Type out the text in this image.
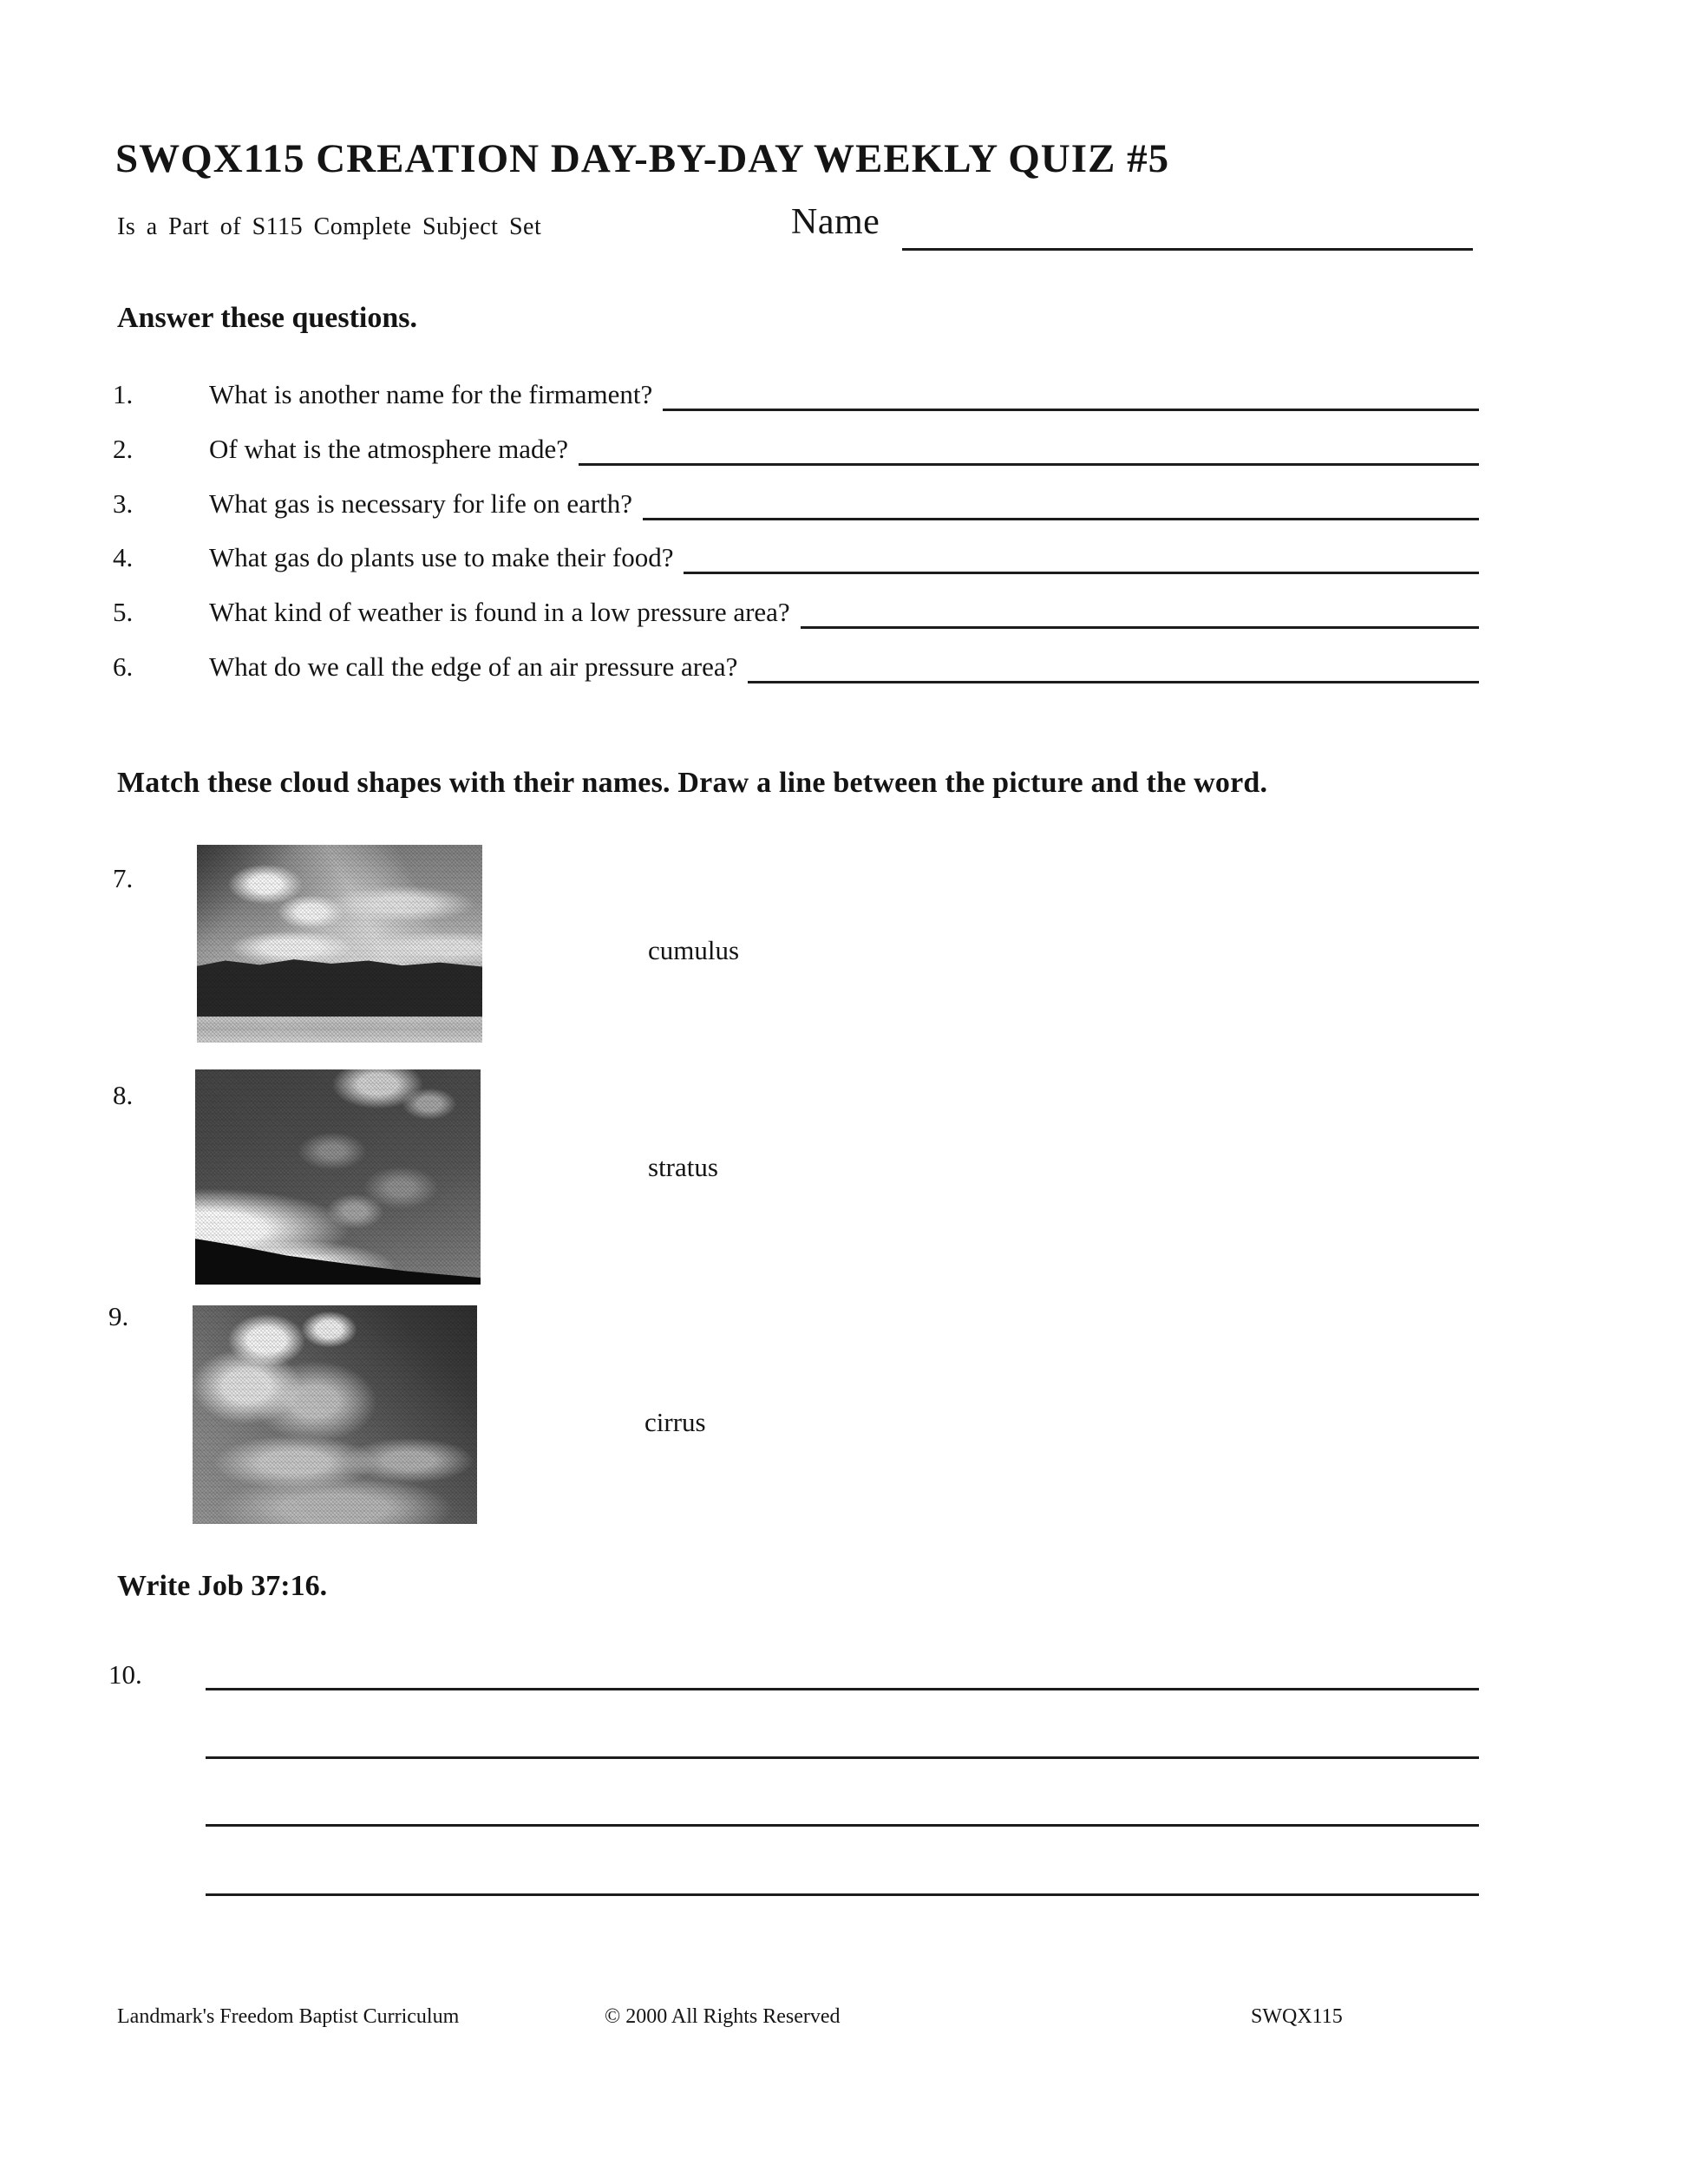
SWQX115 CREATION DAY-BY-DAY WEEKLY QUIZ #5
Is a Part of S115 Complete Subject Set	Name
Answer these questions.
1.	What is another name for the firmament?
2.	Of what is the atmosphere made?
3.	What gas is necessary for life on earth?
4.	What gas do plants use to make their food?
5.	What kind of weather is found in a low pressure area?
6.	What do we call the edge of an air pressure area?
Match these cloud shapes with their names. Draw a line between the picture and the word.
7.
cumulus
8.
stratus
9.
cirrus
Write Job 37:16.
10.
Landmark's Freedom Baptist Curriculum	© 2000 All Rights Reserved	SWQX115
